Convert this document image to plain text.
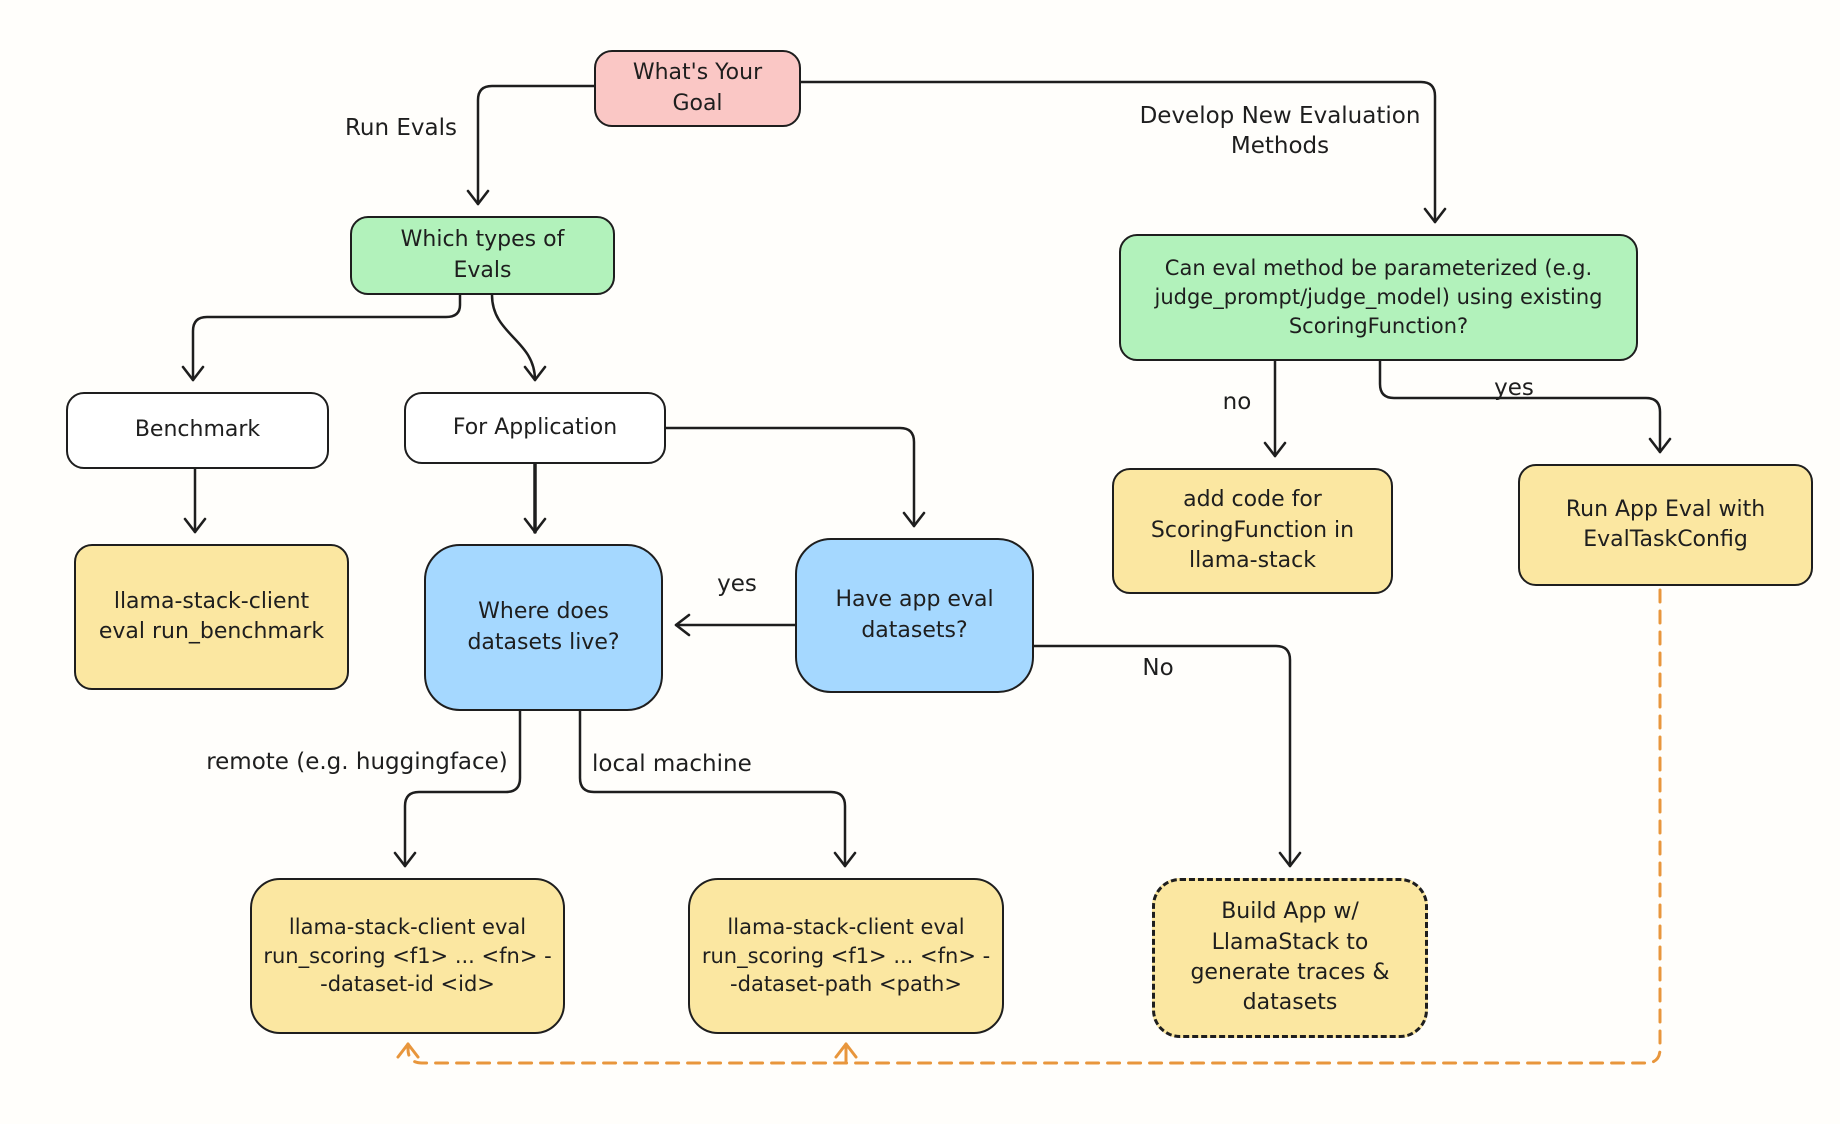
What's Your Goal
Which types of Evals	Can eval method be parameterized (e.g. judge_prompt/judge_model) using existing ScoringFunction?
Benchmark	For Application
llama-stack-client eval run_benchmark
Where does datasets live?
Have app eval datasets?
add code for ScoringFunction in llama-stack
Run App Eval with EvalTaskConfig
llama-stack-client eval run_scoring <f1> ... <fn> --dataset-id <id>
llama-stack-client eval run_scoring <f1> ... <fn> --dataset-path <path>
Build App w/ LlamaStack to generate traces & datasets
Run Evals	Develop New Evaluation Methods
no
yes
yes
No
remote (e.g. huggingface)	local machine
